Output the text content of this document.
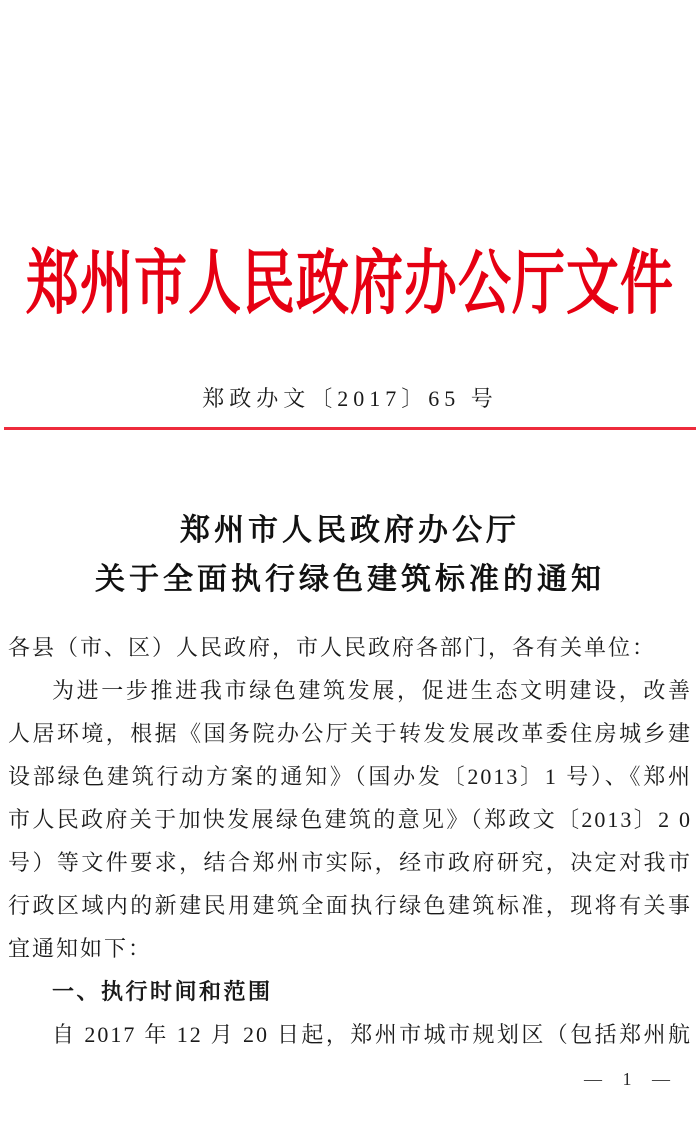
郑州市人民政府办公厅文件
郑政办文〔2017〕65 号
郑州市人民政府办公厅
关于全面执行绿色建筑标准的通知
各县（市、区）人民政府，市人民政府各部门，各有关单位：
为进一步推进我市绿色建筑发展，促进生态文明建设，改善
人居环境，根据《国务院办公厅关于转发发展改革委住房城乡建
设部绿色建筑行动方案的通知》（国办发〔2013〕1 号）、《郑州
市人民政府关于加快发展绿色建筑的意见》（郑政文〔2013〕2 0
号）等文件要求，结合郑州市实际，经市政府研究，决定对我市
行政区域内的新建民用建筑全面执行绿色建筑标准，现将有关事
宜通知如下：
一、执行时间和范围
自 2017 年 12 月 20 日起，郑州市城市规划区（包括郑州航
— 1 —
